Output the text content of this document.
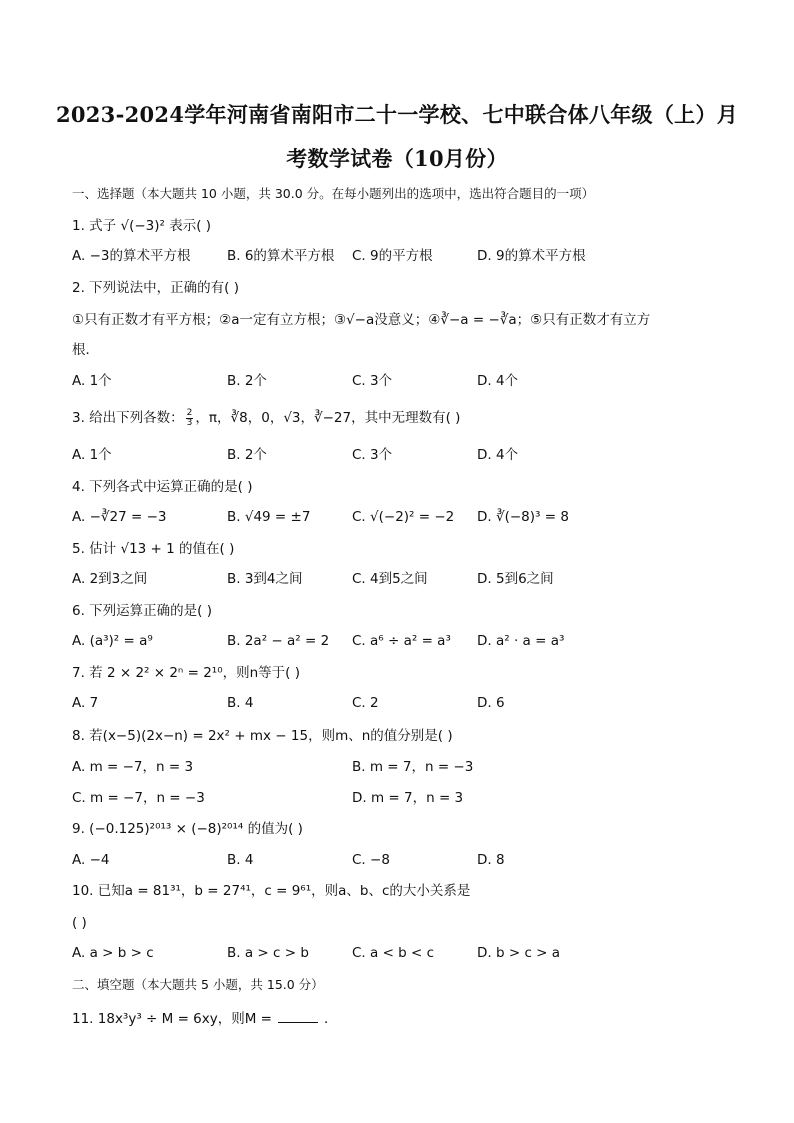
2023-2024学年河南省南阳市二十一学校、七中联合体八年级（上）月
考数学试卷（10月份）
一、选择题（本大题共 10 小题，共 30.0 分。在每小题列出的选项中，选出符合题目的一项）
1. 式子 √(−3)² 表示( )
A. −3的算术平方根	B. 6的算术平方根 C. 9的平方根	D. 9的算术平方根
2. 下列说法中，正确的有( )
①只有正数才有平方根；②a一定有立方根；③√−a没意义；④∛−a = −∛a；⑤只有正数才有立方
根．
A. 1个	B. 2个	C. 3个	D. 4个
3. 给出下列各数： $\frac{2}{3}$ ，π，∛8，0，√3，∛−27，其中无理数有( )
A. 1个	B. 2个	C. 3个	D. 4个
4. 下列各式中运算正确的是( )
A. −∛27 = −3	B. √49 = ±7	C. √(−2)² = −2 D. ∛(−8)³ = 8
5. 估计 √13 + 1 的值在( )
A. 2到3之间	B. 3到4之间	C. 4到5之间	D. 5到6之间
6. 下列运算正确的是( )
A. (a³)² = a⁹	B. 2a² − a² = 2 C. a⁶ ÷ a² = a³ D. a² · a = a³
7. 若 2 × 2² × 2ⁿ = 2¹⁰，则n等于( )
A. 7	B. 4	C. 2	D. 6
8. 若(x−5)(2x−n) = 2x² + mx − 15，则m、n的值分别是( )
A. m = −7，n = 3	B. m = 7，n = −3
C. m = −7，n = −3	D. m = 7，n = 3
9. (−0.125)²⁰¹³ × (−8)²⁰¹⁴ 的值为( )
A. −4	B. 4	C. −8	D. 8
10. 已知a = 81³¹，b = 27⁴¹，c = 9⁶¹，则a、b、c的大小关系是
( )
A. a > b > c	B. a > c > b	C. a < b < c	D. b > c > a
二、填空题（本大题共 5 小题，共 15.0 分）
11. 18x³y³ ÷ M = 6xy，则M =	．
